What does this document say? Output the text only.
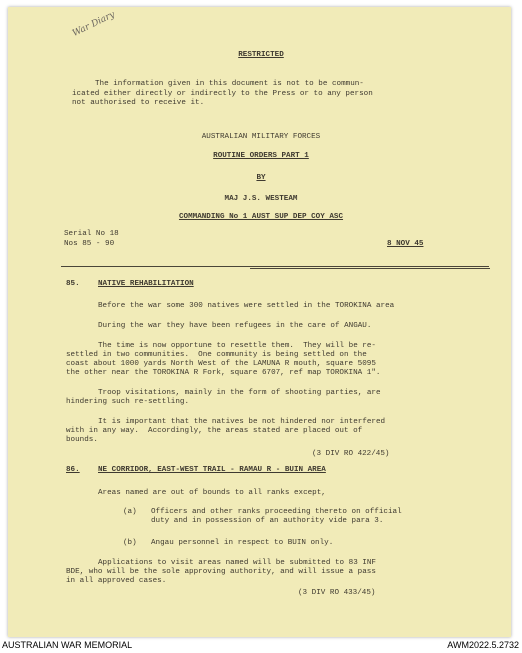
War Diary
RESTRICTED
The information given in this document is not to be commun-
icated either directly or indirectly to the Press or to any person
not authorised to receive it.
AUSTRALIAN MILITARY FORCES
ROUTINE ORDERS PART 1
BY
MAJ J.S. WESTEAM
COMMANDING No 1 AUST SUP DEP COY ASC
Serial No 18
Nos 85 - 90	8 NOV 45
85. NATIVE REHABILITATION
Before the war some 300 natives were settled in the TOROKINA area
During the war they have been refugees in the care of ANGAU.
The time is now opportune to resettle them.  They will be re-
settled in two communities.  One community is being settled on the
coast about 1000 yards North West of the LAMUNA R mouth, square 5095
the other near the TOROKINA R Fork, square 6707, ref map TOROKINA 1".
Troop visitations, mainly in the form of shooting parties, are
hindering such re-settling.
It is important that the natives be not hindered nor interfered
with in any way.  Accordingly, the areas stated are placed out of
bounds.
(3 DIV RO 422/45)
86. NE CORRIDOR, EAST-WEST TRAIL - RAMAU R - BUIN AREA
Areas named are out of bounds to all ranks except,
(a) Officers and other ranks proceeding thereto on official
duty and in possession of an authority vide para 3.
(b) Angau personnel in respect to BUIN only.
Applications to visit areas named will be submitted to 83 INF
BDE, who will be the sole approving authority, and will issue a pass
in all approved cases.
(3 DIV RO 433/45)
AUSTRALIAN WAR MEMORIAL	AWM2022.5.2732
